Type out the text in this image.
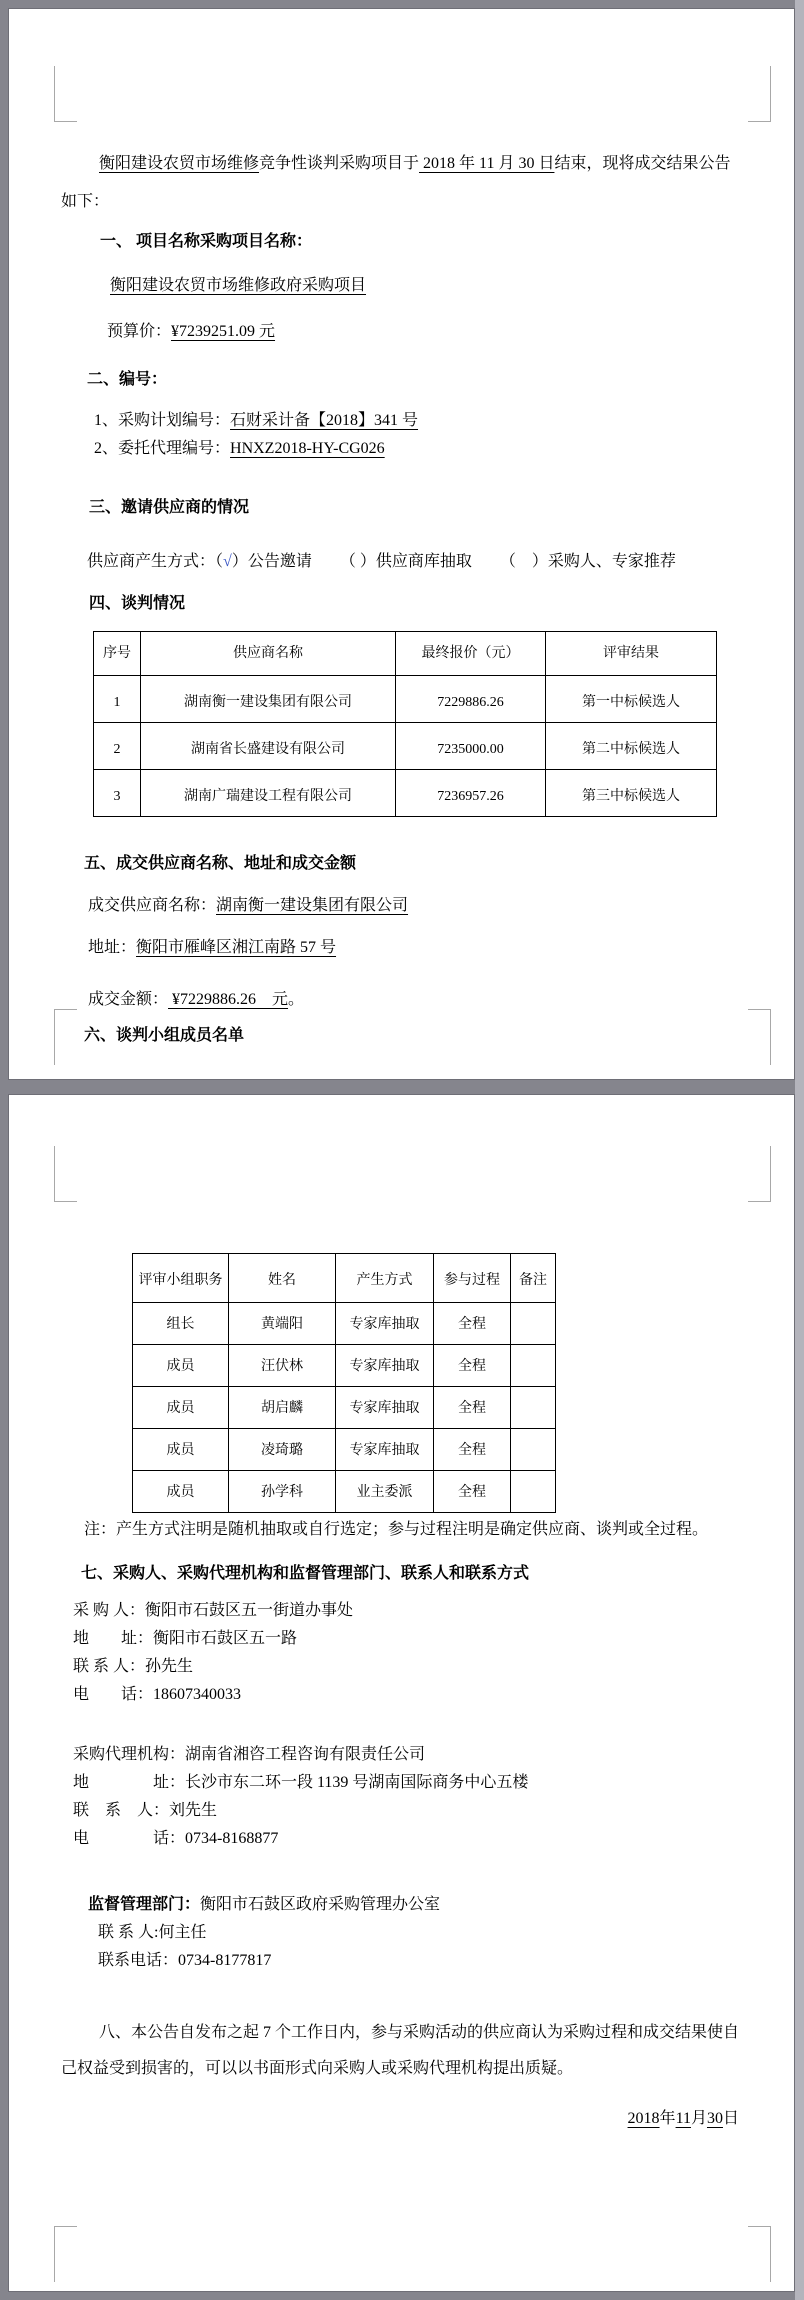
衡阳建设农贸市场维修竞争性谈判采购项目于 2018 年 11 月 30 日结束，现将成交结果公告如下：

一、 项目名称采购项目名称：

衡阳建设农贸市场维修政府采购项目

预算价：¥7239251.09 元

二、编号：

1、采购计划编号：石财采计备【2018】341 号

2、委托代理编号：HNXZ2018-HY-CG026

三、邀请供应商的情况

供应商产生方式：（√）公告邀请 （ ）供应商库抽取 （　）采购人、专家推荐

四、谈判情况

序号	供应商名称	最终报价（元）	评审结果
1	湖南衡一建设集团有限公司	7229886.26	第一中标候选人
2	湖南省长盛建设有限公司	7235000.00	第二中标候选人
3	湖南广瑞建设工程有限公司	7236957.26	第三中标候选人

五、成交供应商名称、地址和成交金额

成交供应商名称：湖南衡一建设集团有限公司

地址：衡阳市雁峰区湘江南路 57 号

成交金额： ¥7229886.26　元。

六、谈判小组成员名单

评审小组职务	姓名	产生方式	参与过程	备注
组长	黄端阳	专家库抽取	全程	
成员	汪伏林	专家库抽取	全程	
成员	胡启麟	专家库抽取	全程	
成员	凌琦璐	专家库抽取	全程	
成员	孙学科	业主委派	全程	

注：产生方式注明是随机抽取或自行选定；参与过程注明是确定供应商、谈判或全过程。

七、采购人、采购代理机构和监督管理部门、联系人和联系方式

采 购 人：衡阳市石鼓区五一街道办事处

地　　址：衡阳市石鼓区五一路

联 系 人：孙先生

电　　话：18607340033

采购代理机构：湖南省湘咨工程咨询有限责任公司

地　　　　址：长沙市东二环一段 1139 号湖南国际商务中心五楼

联　系　人：刘先生

电　　　　话：0734-8168877

监督管理部门：衡阳市石鼓区政府采购管理办公室

联 系 人:何主任

联系电话：0734-8177817

八、本公告自发布之起 7 个工作日内，参与采购活动的供应商认为采购过程和成交结果使自己权益受到损害的，可以以书面形式向采购人或采购代理机构提出质疑。

2018年11月30日
